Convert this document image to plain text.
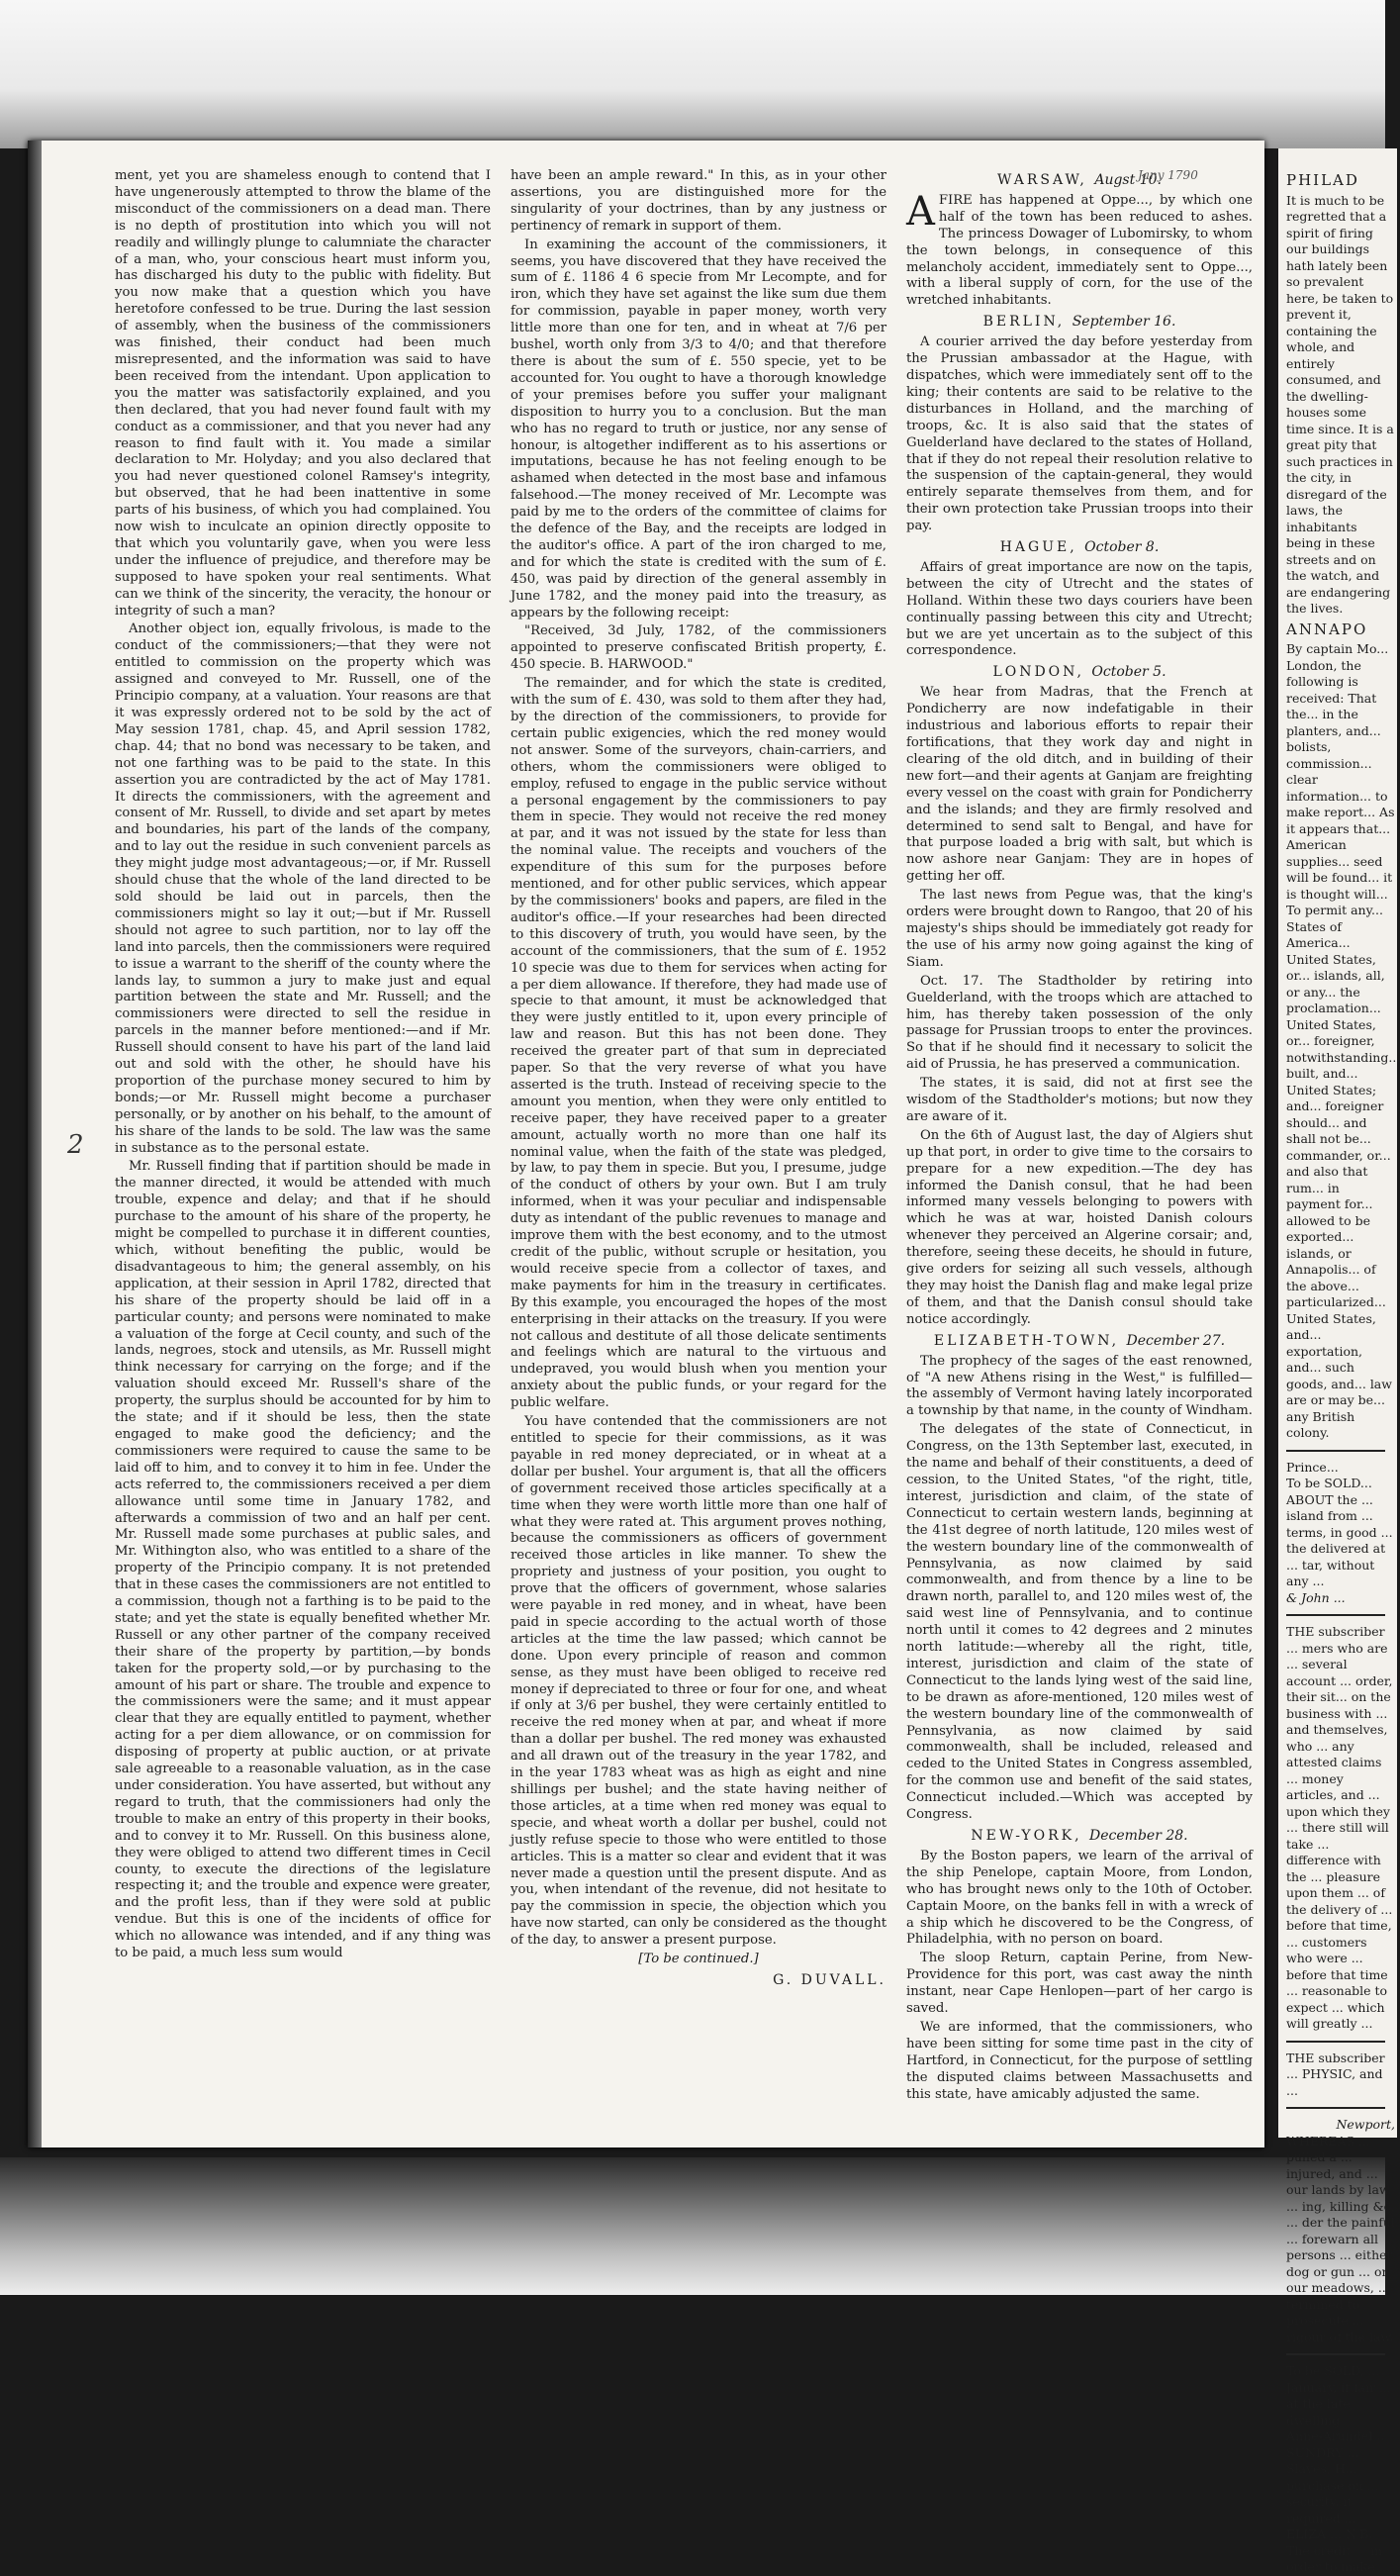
2

ment, yet you are shameless enough to contend that I have ungenerously attempted to throw the blame of the misconduct of the commissioners on a dead man. There is no depth of prostitution into which you will not readily and willingly plunge to calumniate the character of a man, who, your conscious heart must inform you, has discharged his duty to the public with fidelity. But you now make that a question which you have heretofore confessed to be true. During the last session of assembly, when the business of the commissioners was finished, their conduct had been much misrepresented, and the information was said to have been received from the intendant. Upon application to you the matter was satisfactorily explained, and you then declared, that you had never found fault with my conduct as a commissioner, and that you never had any reason to find fault with it. You made a similar declaration to Mr. Holyday; and you also declared that you had never questioned colonel Ramsey's integrity, but observed, that he had been inattentive in some parts of his business, of which you had complained. You now wish to inculcate an opinion directly opposite to that which you voluntarily gave, when you were less under the influence of prejudice, and therefore may be supposed to have spoken your real sentiments. What can we think of the sincerity, the veracity, the honour or integrity of such a man?

Another object ion, equally frivolous, is made to the conduct of the commissioners;—that they were not entitled to commission on the property which was assigned and conveyed to Mr. Russell, one of the Principio company, at a valuation. Your reasons are that it was expressly ordered not to be sold by the act of May session 1781, chap. 45, and April session 1782, chap. 44; that no bond was necessary to be taken, and not one farthing was to be paid to the state. In this assertion you are contradicted by the act of May 1781. It directs the commissioners, with the agreement and consent of Mr. Russell, to divide and set apart by metes and boundaries, his part of the lands of the company, and to lay out the residue in such convenient parcels as they might judge most advantageous;—or, if Mr. Russell should chuse that the whole of the land directed to be sold should be laid out in parcels, then the commissioners might so lay it out;—but if Mr. Russell should not agree to such partition, nor to lay off the land into parcels, then the commissioners were required to issue a warrant to the sheriff of the county where the lands lay, to summon a jury to make just and equal partition between the state and Mr. Russell; and the commissioners were directed to sell the residue in parcels in the manner before mentioned:—and if Mr. Russell should consent to have his part of the land laid out and sold with the other, he should have his proportion of the purchase money secured to him by bonds;—or Mr. Russell might become a purchaser personally, or by another on his behalf, to the amount of his share of the lands to be sold. The law was the same in substance as to the personal estate.

Mr. Russell finding that if partition should be made in the manner directed, it would be attended with much trouble, expence and delay; and that if he should purchase to the amount of his share of the property, he might be compelled to purchase it in different counties, which, without benefiting the public, would be disadvantageous to him; the general assembly, on his application, at their session in April 1782, directed that his share of the property should be laid off in a particular county; and persons were nominated to make a valuation of the forge at Cecil county, and such of the lands, negroes, stock and utensils, as Mr. Russell might think necessary for carrying on the forge; and if the valuation should exceed Mr. Russell's share of the property, the surplus should be accounted for by him to the state; and if it should be less, then the state engaged to make good the deficiency; and the commissioners were required to cause the same to be laid off to him, and to convey it to him in fee. Under the acts referred to, the commissioners received a per diem allowance until some time in January 1782, and afterwards a commission of two and an half per cent. Mr. Russell made some purchases at public sales, and Mr. Withington also, who was entitled to a share of the property of the Principio company. It is not pretended that in these cases the commissioners are not entitled to a commission, though not a farthing is to be paid to the state; and yet the state is equally benefited whether Mr. Russell or any other partner of the company received their share of the property by partition,—by bonds taken for the property sold,—or by purchasing to the amount of his part or share. The trouble and expence to the commissioners were the same; and it must appear clear that they are equally entitled to payment, whether acting for a per diem allowance, or on commission for disposing of property at public auction, or at private sale agreeable to a reasonable valuation, as in the case under consideration. You have asserted, but without any regard to truth, that the commissioners had only the trouble to make an entry of this property in their books, and to convey it to Mr. Russell. On this business alone, they were obliged to attend two different times in Cecil county, to execute the directions of the legislature respecting it; and the trouble and expence were greater, and the profit less, than if they were sold at public vendue. But this is one of the incidents of office for which no allowance was intended, and if any thing was to be paid, a much less sum would

have been an ample reward." In this, as in your other assertions, you are distinguished more for the singularity of your doctrines, than by any justness or pertinency of remark in support of them.

In examining the account of the commissioners, it seems, you have discovered that they have received the sum of £. 1186 4 6 specie from Mr Lecompte, and for iron, which they have set against the like sum due them for commission, payable in paper money, worth very little more than one for ten, and in wheat at 7/6 per bushel, worth only from 3/3 to 4/0; and that therefore there is about the sum of £. 550 specie, yet to be accounted for. You ought to have a thorough knowledge of your premises before you suffer your malignant disposition to hurry you to a conclusion. But the man who has no regard to truth or justice, nor any sense of honour, is altogether indifferent as to his assertions or imputations, because he has not feeling enough to be ashamed when detected in the most base and infamous falsehood.—The money received of Mr. Lecompte was paid by me to the orders of the committee of claims for the defence of the Bay, and the receipts are lodged in the auditor's office. A part of the iron charged to me, and for which the state is credited with the sum of £. 450, was paid by direction of the general assembly in June 1782, and the money paid into the treasury, as appears by the following receipt:

"Received, 3d July, 1782, of the commissioners appointed to preserve confiscated British property, £. 450 specie. B. HARWOOD."

The remainder, and for which the state is credited, with the sum of £. 430, was sold to them after they had, by the direction of the commissioners, to provide for certain public exigencies, which the red money would not answer. Some of the surveyors, chain-carriers, and others, whom the commissioners were obliged to employ, refused to engage in the public service without a personal engagement by the commissioners to pay them in specie. They would not receive the red money at par, and it was not issued by the state for less than the nominal value. The receipts and vouchers of the expenditure of this sum for the purposes before mentioned, and for other public services, which appear by the commissioners' books and papers, are filed in the auditor's office.—If your researches had been directed to this discovery of truth, you would have seen, by the account of the commissioners, that the sum of £. 1952 10 specie was due to them for services when acting for a per diem allowance. If therefore, they had made use of specie to that amount, it must be acknowledged that they were justly entitled to it, upon every principle of law and reason. But this has not been done. They received the greater part of that sum in depreciated paper. So that the very reverse of what you have asserted is the truth. Instead of receiving specie to the amount you mention, when they were only entitled to receive paper, they have received paper to a greater amount, actually worth no more than one half its nominal value, when the faith of the state was pledged, by law, to pay them in specie. But you, I presume, judge of the conduct of others by your own. But I am truly informed, when it was your peculiar and indispensable duty as intendant of the public revenues to manage and improve them with the best economy, and to the utmost credit of the public, without scruple or hesitation, you would receive specie from a collector of taxes, and make payments for him in the treasury in certificates. By this example, you encouraged the hopes of the most enterprising in their attacks on the treasury. If you were not callous and destitute of all those delicate sentiments and feelings which are natural to the virtuous and undepraved, you would blush when you mention your anxiety about the public funds, or your regard for the public welfare.

You have contended that the commissioners are not entitled to specie for their commissions, as it was payable in red money depreciated, or in wheat at a dollar per bushel. Your argument is, that all the officers of government received those articles specifically at a time when they were worth little more than one half of what they were rated at. This argument proves nothing, because the commissioners as officers of government received those articles in like manner. To shew the propriety and justness of your position, you ought to prove that the officers of government, whose salaries were payable in red money, and in wheat, have been paid in specie according to the actual worth of those articles at the time the law passed; which cannot be done. Upon every principle of reason and common sense, as they must have been obliged to receive red money if depreciated to three or four for one, and wheat if only at 3/6 per bushel, they were certainly entitled to receive the red money when at par, and wheat if more than a dollar per bushel. The red money was exhausted and all drawn out of the treasury in the year 1782, and in the year 1783 wheat was as high as eight and nine shillings per bushel; and the state having neither of those articles, at a time when red money was equal to specie, and wheat worth a dollar per bushel, could not justly refuse specie to those who were entitled to those articles. This is a matter so clear and evident that it was never made a question until the present dispute. And as you, when intendant of the revenue, did not hesitate to pay the commission in specie, the objection which you have now started, can only be considered as the thought of the day, to answer a present purpose.

[To be continued.]
G. DUVALL.
WARSAW, Augst 10.

AFIRE has happened at Oppe..., by which one half of the town has been reduced to ashes. The princess Dowager of Lubomirsky, to whom the town belongs, in consequence of this melancholy accident, immediately sent to Oppe..., with a liberal supply of corn, for the use of the wretched inhabitants.

BERLIN, September 16.

A courier arrived the day before yesterday from the Prussian ambassador at the Hague, with dispatches, which were immediately sent off to the king; their contents are said to be relative to the disturbances in Holland, and the marching of troops, &c. It is also said that the states of Guelderland have declared to the states of Holland, that if they do not repeal their resolution relative to the suspension of the captain-general, they would entirely separate themselves from them, and for their own protection take Prussian troops into their pay.

HAGUE, October 8.

Affairs of great importance are now on the tapis, between the city of Utrecht and the states of Holland. Within these two days couriers have been continually passing between this city and Utrecht; but we are yet uncertain as to the subject of this correspondence.

LONDON, October 5.

We hear from Madras, that the French at Pondicherry are now indefatigable in their industrious and laborious efforts to repair their fortifications, that they work day and night in clearing of the old ditch, and in building of their new fort—and their agents at Ganjam are freighting every vessel on the coast with grain for Pondicherry and the islands; and they are firmly resolved and determined to send salt to Bengal, and have for that purpose loaded a brig with salt, but which is now ashore near Ganjam: They are in hopes of getting her off.

The last news from Pegue was, that the king's orders were brought down to Rangoo, that 20 of his majesty's ships should be immediately got ready for the use of his army now going against the king of Siam.

Oct. 17. The Stadtholder by retiring into Guelderland, with the troops which are attached to him, has thereby taken possession of the only passage for Prussian troops to enter the provinces. So that if he should find it necessary to solicit the aid of Prussia, he has preserved a communication.

The states, it is said, did not at first see the wisdom of the Stadtholder's motions; but now they are aware of it.

On the 6th of August last, the day of Algiers shut up that port, in order to give time to the corsairs to prepare for a new expedition.—The dey has informed the Danish consul, that he had been informed many vessels belonging to powers with which he was at war, hoisted Danish colours whenever they perceived an Algerine corsair; and, therefore, seeing these deceits, he should in future, give orders for seizing all such vessels, although they may hoist the Danish flag and make legal prize of them, and that the Danish consul should take notice accordingly.

ELIZABETH-TOWN, December 27.

The prophecy of the sages of the east renowned, of "A new Athens rising in the West," is fulfilled—the assembly of Vermont having lately incorporated a township by that name, in the county of Windham.

The delegates of the state of Connecticut, in Congress, on the 13th September last, executed, in the name and behalf of their constituents, a deed of cession, to the United States, "of the right, title, interest, jurisdiction and claim, of the state of Connecticut to certain western lands, beginning at the 41st degree of north latitude, 120 miles west of the western boundary line of the commonwealth of Pennsylvania, as now claimed by said commonwealth, and from thence by a line to be drawn north, parallel to, and 120 miles west of, the said west line of Pennsylvania, and to continue north until it comes to 42 degrees and 2 minutes north latitude:—whereby all the right, title, interest, jurisdiction and claim of the state of Connecticut to the lands lying west of the said line, to be drawn as afore-mentioned, 120 miles west of the western boundary line of the commonwealth of Pennsylvania, as now claimed by said commonwealth, shall be included, released and ceded to the United States in Congress assembled, for the common use and benefit of the said states, Connecticut included.—Which was accepted by Congress.

NEW-YORK, December 28.

By the Boston papers, we learn of the arrival of the ship Penelope, captain Moore, from London, who has brought news only to the 10th of October. Captain Moore, on the banks fell in with a wreck of a ship which he discovered to be the Congress, of Philadelphia, with no person on board.

The sloop Return, captain Perine, from New-Providence for this port, was cast away the ninth instant, near Cape Henlopen—part of her cargo is saved.

We are informed, that the commissioners, who have been sitting for some time past in the city of Hartford, in Connecticut, for the purpose of settling the disputed claims between Massachusetts and this state, have amicably adjusted the same.

PHILAD
It is much to be regretted that a spirit of firing our buildings hath lately been so prevalent here, be taken to prevent it, containing the whole, and entirely consumed, and the dwelling-houses some time since. It is a great pity that such practices in the city, in disregard of the laws, the inhabitants being in these streets and on the watch, and are endangering the lives.
ANNAPO
By captain Mo... London, the following is received: That the... in the planters, and... bolists, commission... clear information... to make report... As it appears that... American supplies... seed will be found... it is thought will... To permit any... States of America... United States, or... islands, all, or any... the proclamation... United States, or... foreigner, notwithstanding... built, and... United States; and... foreigner should... and shall not be... commander, or... and also that rum... in payment for... allowed to be exported... islands, or Annapolis... of the above... particularized... United States, and... exportation, and... such goods, and... law are or may be... any British colony.
Prince...
To be SOLD...
ABOUT the ... island from ... terms, in good ... the delivered at ... tar, without any ...
& John ...
THE subscriber ... mers who are ... several account ... order, their sit... on the business with ... and themselves, who ... any attested claims ... money articles, and ... upon which they ... there still will take ... difference with the ... pleasure upon them ... of the delivery of ... before that time, ... customers who were ... before that time ... reasonable to expect ... which will greatly ...
THE subscriber ... PHYSIC, and ...
Newport,
WHEREAS ... pulled a ... injured, and ... our lands by law ... ing, killing &c. ... der the painful ... forewarn all persons ... either dog or gun ... or our meadows, ... termined to prosecute ... rigour of the law.
To be SOLD, ... January, if fair ... at the late dwelling ... Anne-Arundel ... SUNDRY ... Slaves, H... purchase on ... security, it required ... ELIZA ... N.B. The credit ... in order to make ...
Jany 1790
